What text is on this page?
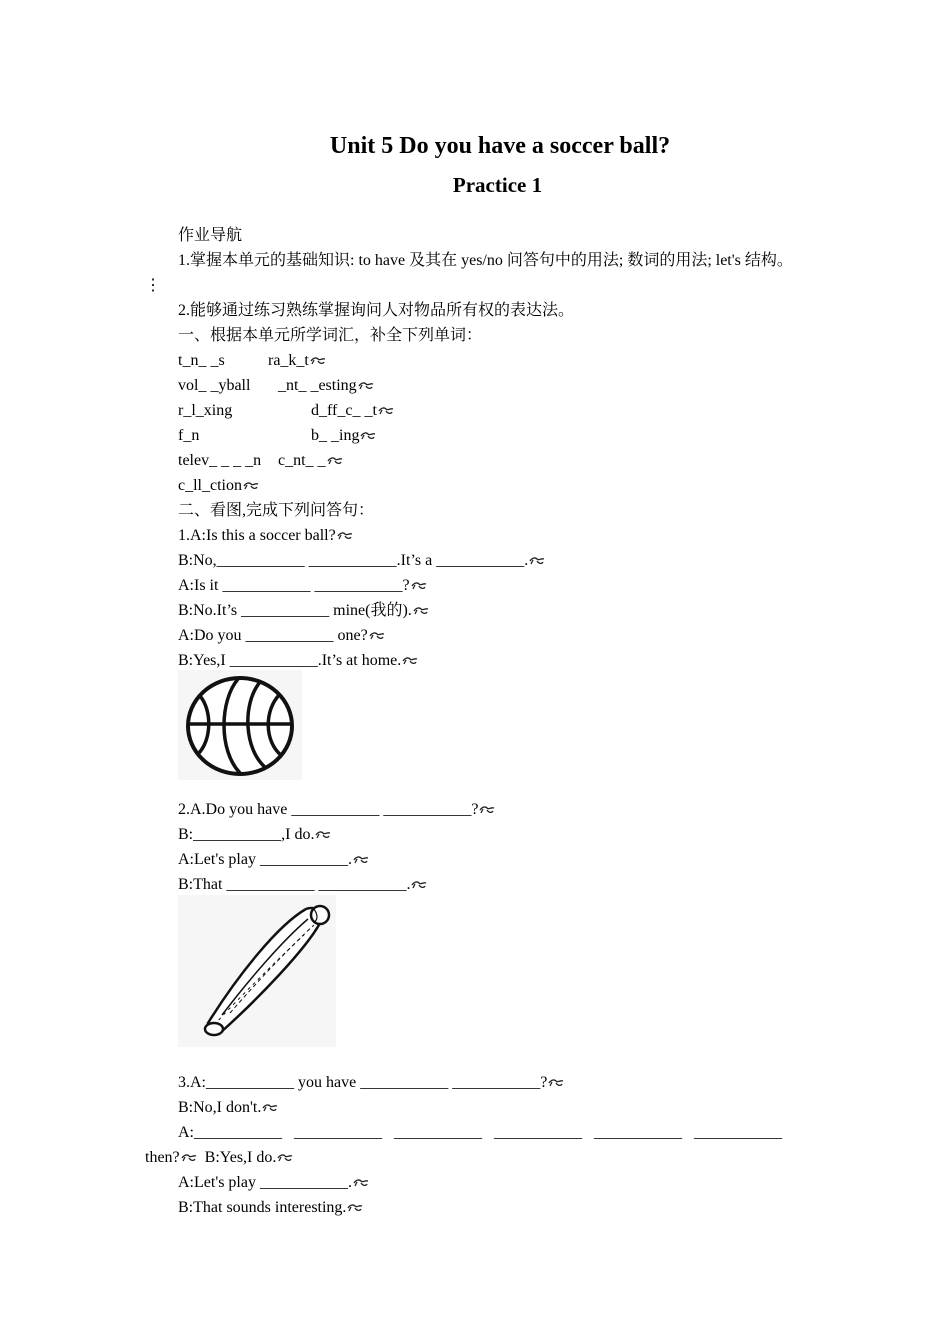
Unit 5 Do you have a soccer ball?
Practice 1
作业导航
1.掌握本单元的基础知识: to have 及其在 yes/no 问答句中的用法; 数词的用法; let's 结构。
⋮
2.能够通过练习熟练掌握询问人对物品所有权的表达法。
一、根据本单元所学词汇，补全下列单词：
t_n_ _s	ra_k_t
vol_ _yball _nt_ _esting
r_l_xing	d_ff_c_ _t
f_n	b_ _ing
telev_ _ _ _n c_nt_ _
c_ll_ction
二、看图,完成下列问答句：
1.A:Is this a soccer ball?
B:No,___________ ___________.It’s a ___________.
A:Is it ___________ ___________?
B:No.It’s ___________ mine(我的).
A:Do you ___________ one?
B:Yes,I ___________.It’s at home.
2.A.Do you have ___________ ___________?
B:___________,I do.
A:Let's play ___________.
B:That ___________ ___________.
3.A:___________ you have ___________ ___________?
B:No,I don't.
A:___________   ___________   ___________   ___________   ___________   ___________
then? B:Yes,I do.
A:Let's play ___________.
B:That sounds interesting.
